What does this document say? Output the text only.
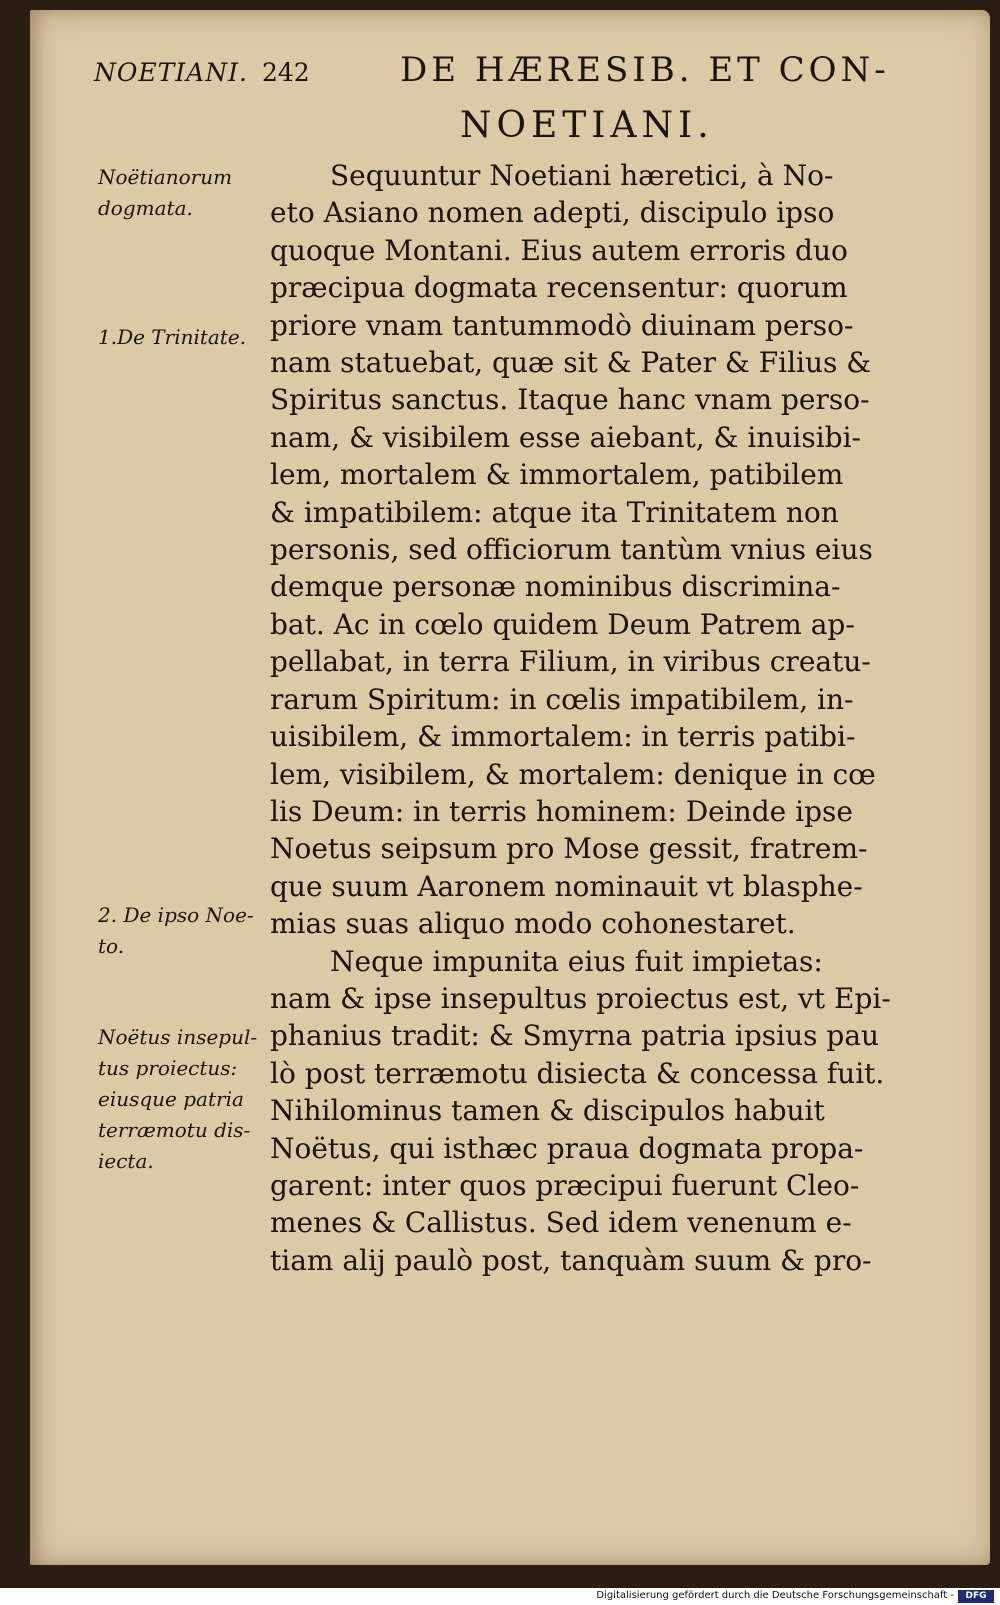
NOETIANI. 242	DE HÆRESIB. ET CON-
NOETIANI.
Noëtianorum
dogmata.
1.De Trinitate.
2. De ipso Noe-
to.
Noëtus insepul-
tus proiectus:
eiusque patria
terræmotu dis-
iecta.
Sequuntur Noetiani hæretici, à No-
eto Asiano nomen adepti, discipulo ipso
quoque Montani. Eius autem erroris duo
præcipua dogmata recensentur: quorum
priore vnam tantummodò diuinam perso-
nam statuebat, quæ sit & Pater & Filius &
Spiritus sanctus. Itaque hanc vnam perso-
nam, & visibilem esse aiebant, & inuisibi-
lem, mortalem & immortalem, patibilem
& impatibilem: atque ita Trinitatem non
personis, sed officiorum tantùm vnius eius
demque personæ nominibus discrimina-
bat. Ac in cœlo quidem Deum Patrem ap-
pellabat, in terra Filium, in viribus creatu-
rarum Spiritum: in cœlis impatibilem, in-
uisibilem, & immortalem: in terris patibi-
lem, visibilem, & mortalem: denique in cœ
lis Deum: in terris hominem: Deinde ipse
Noetus seipsum pro Mose gessit, fratrem-
que suum Aaronem nominauit vt blasphe-
mias suas aliquo modo cohonestaret.
Neque impunita eius fuit impietas:
nam & ipse insepultus proiectus est, vt Epi-
phanius tradit: & Smyrna patria ipsius pau
lò post terræmotu disiecta & concessa fuit.
Nihilominus tamen & discipulos habuit
Noëtus, qui isthæc praua dogmata propa-
garent: inter quos præcipui fuerunt Cleo-
menes & Callistus. Sed idem venenum e-
tiam alij paulò post, tanquàm suum & pro-
Digitalisierung gefördert durch die Deutsche Forschungsgemeinschaft -	DFG
